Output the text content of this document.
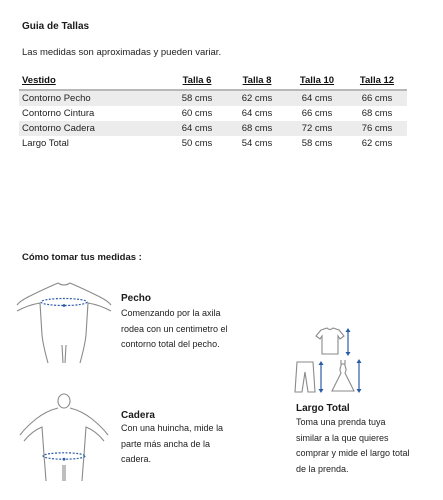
Guia de Tallas
Las medidas son aproximadas y pueden variar.
Vestido	Talla 6	Talla 8	Talla 10	Talla 12
Contorno Pecho	58 cms	62 cms	64 cms	66 cms
Contorno Cintura	60 cms	64 cms	66 cms	68 cms
Contorno Cadera	64 cms	68 cms	72 cms	76 cms
Largo Total	50 cms	54 cms	58 cms	62 cms
Cómo tomar tus medidas :
Pecho
Comenzando por la axila
rodea con un centimetro el
contorno total del pecho.
Cadera
Con una huincha, mide la
parte más ancha de la
cadera.
Largo Total
Toma una prenda tuya
similar a la que quieres
comprar y mide el largo total
de la prenda.
